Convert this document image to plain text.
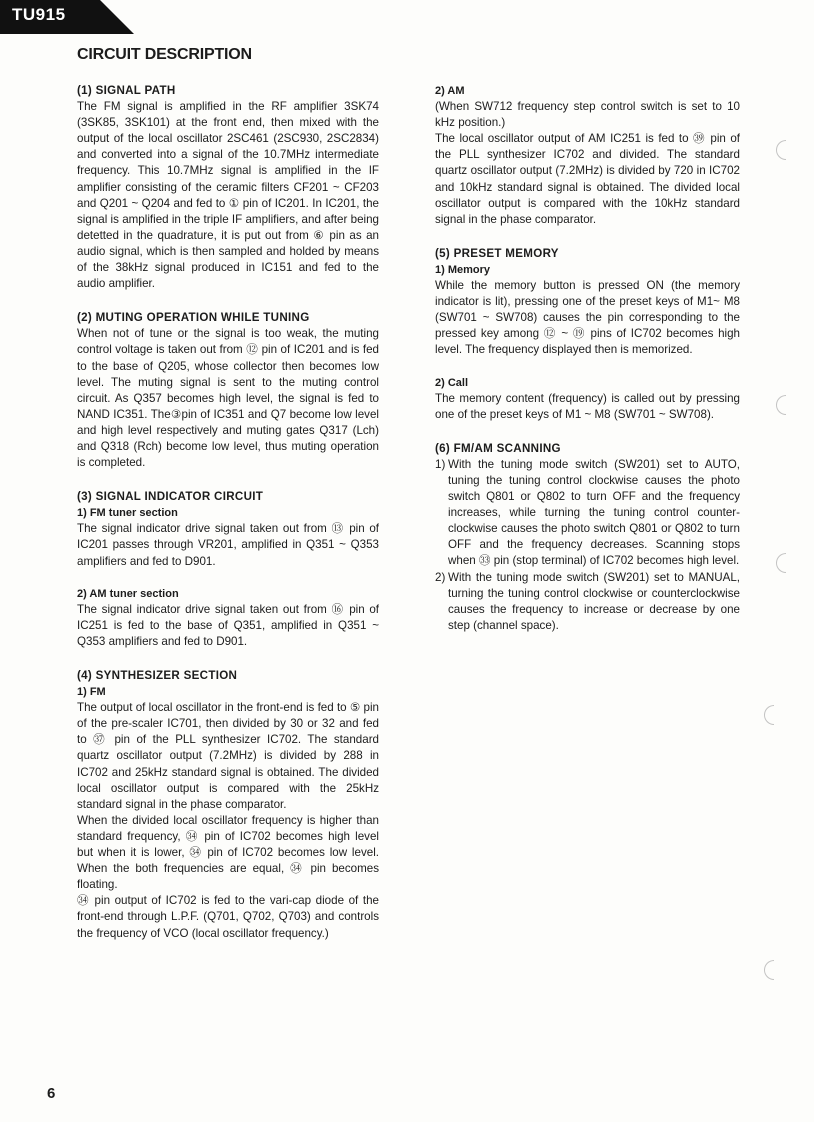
TU915
CIRCUIT DESCRIPTION
(1) SIGNAL PATH

The FM signal is amplified in the RF amplifier 3SK74 (3SK85, 3SK101) at the front end, then mixed with the output of the local oscillator 2SC461 (2SC930, 2SC2834) and converted into a signal of the 10.7MHz intermediate frequency. This 10.7MHz signal is amplified in the IF amplifier consisting of the ceramic filters CF201 ~ CF203 and Q201 ~ Q204 and fed to ① pin of IC201. In IC201, the signal is amplified in the triple IF amplifiers, and after being detetted in the quadrature, it is put out from ⑥ pin as an audio signal, which is then sampled and holded by means of the 38kHz signal produced in IC151 and fed to the audio amplifier.

(2) MUTING OPERATION WHILE TUNING

When not of tune or the signal is too weak, the muting control voltage is taken out from ⑫ pin of IC201 and is fed to the base of Q205, whose collector then becomes low level. The muting signal is sent to the muting control circuit. As Q357 becomes high level, the signal is fed to NAND IC351. The③pin of IC351 and Q7 become low level and high level respectively and muting gates Q317 (Lch) and Q318 (Rch) become low level, thus muting operation is completed.

(3) SIGNAL INDICATOR CIRCUIT
1) FM tuner section

The signal indicator drive signal taken out from ⑬ pin of IC201 passes through VR201, amplified in Q351 ~ Q353 amplifiers and fed to D901.

2) AM tuner section

The signal indicator drive signal taken out from ⑯ pin of IC251 is fed to the base of Q351, amplified in Q351 ~ Q353 amplifiers and fed to D901.

(4) SYNTHESIZER SECTION
1) FM

The output of local oscillator in the front-end is fed to ⑤ pin of the pre-scaler IC701, then divided by 30 or 32 and fed to ㊲ pin of the PLL synthesizer IC702. The standard quartz oscillator output (7.2MHz) is divided by 288 in IC702 and 25kHz standard signal is obtained. The divided local oscillator output is compared with the 25kHz standard signal in the phase comparator.

When the divided local oscillator frequency is higher than standard frequency, ㉞ pin of IC702 becomes high level but when it is lower, ㉞ pin of IC702 becomes low level. When the both frequencies are equal, ㉞ pin becomes floating.

㉞ pin output of IC702 is fed to the vari-cap diode of the front-end through L.P.F. (Q701, Q702, Q703) and controls the frequency of VCO (local oscillator frequency.)

2) AM

(When SW712 frequency step control switch is set to 10 kHz position.)

The local oscillator output of AM IC251 is fed to ㊴ pin of the PLL synthesizer IC702 and divided. The standard quartz oscillator output (7.2MHz) is divided by 720 in IC702 and 10kHz standard signal is obtained. The divided local oscillator output is compared with the 10kHz standard signal in the phase comparator.

(5) PRESET MEMORY
1) Memory

While the memory button is pressed ON (the memory indicator is lit), pressing one of the preset keys of M1~ M8 (SW701 ~ SW708) causes the pin corresponding to the pressed key among ⑫ ~ ⑲ pins of IC702 becomes high level. The frequency displayed then is memorized.

2) Call

The memory content (frequency) is called out by pressing one of the preset keys of M1 ~ M8 (SW701 ~ SW708).

(6) FM/AM SCANNING
1) With the tuning mode switch (SW201) set to AUTO, tuning the tuning control clockwise causes the photo switch Q801 or Q802 to turn OFF and the frequency increases, while turning the tuning control counter-clockwise causes the photo switch Q801 or Q802 to turn OFF and the frequency decreases. Scanning stops when ㉝ pin (stop terminal) of IC702 becomes high level.
2) With the tuning mode switch (SW201) set to MANUAL, turning the tuning control clockwise or counterclockwise causes the frequency to increase or decrease by one step (channel space).
6
